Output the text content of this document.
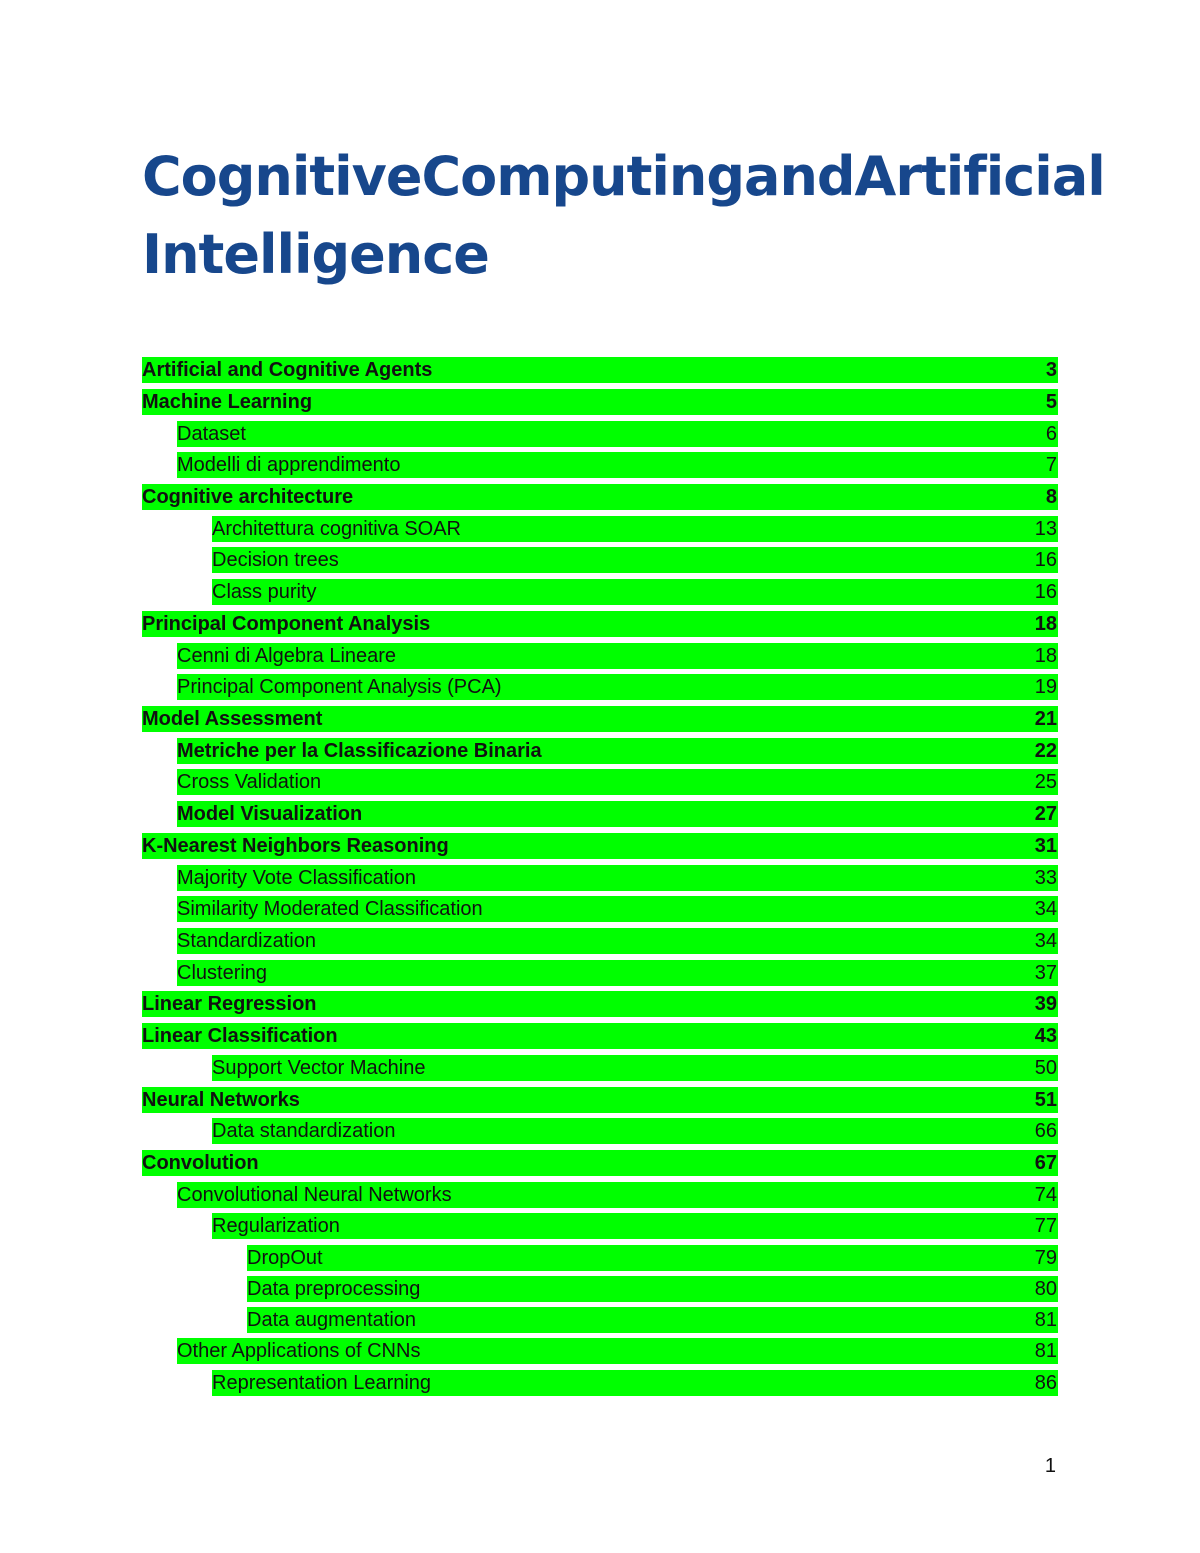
Cognitive Computing and Artificial
Intelligence
Artificial and Cognitive Agents	3
Machine Learning	5
Dataset	6
Modelli di apprendimento	7
Cognitive architecture	8
Architettura cognitiva SOAR	13
Decision trees	16
Class purity	16
Principal Component Analysis	18
Cenni di Algebra Lineare	18
Principal Component Analysis (PCA)	19
Model Assessment	21
Metriche per la Classificazione Binaria	22
Cross Validation	25
Model Visualization	27
K-Nearest Neighbors Reasoning	31
Majority Vote Classification	33
Similarity Moderated Classification	34
Standardization	34
Clustering	37
Linear Regression	39
Linear Classification	43
Support Vector Machine	50
Neural Networks	51
Data standardization	66
Convolution	67
Convolutional Neural Networks	74
Regularization	77
DropOut	79
Data preprocessing	80
Data augmentation	81
Other Applications of CNNs	81
Representation Learning	86
1
